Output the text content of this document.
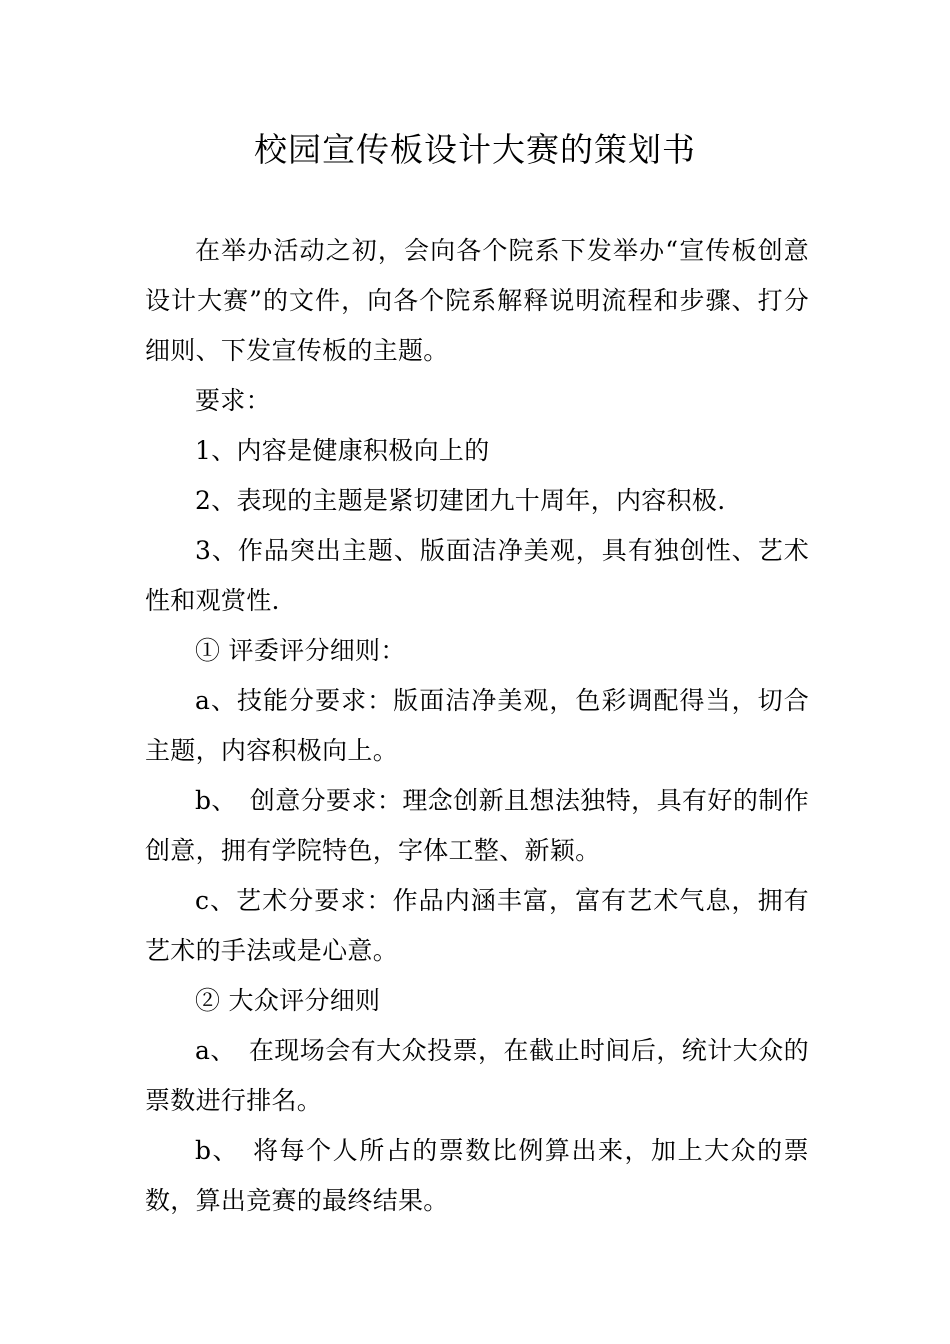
校园宣传板设计大赛的策划书

在举办活动之初，会向各个院系下发举办“宣传板创意设计大赛”的文件，向各个院系解释说明流程和步骤、打分细则、下发宣传板的主题。

要求：

1、内容是健康积极向上的

2、表现的主题是紧切建团九十周年，内容积极.

3、作品突出主题、版面洁净美观，具有独创性、艺术性和观赏性.

① 评委评分细则：

a、技能分要求：版面洁净美观，色彩调配得当，切合主题，内容积极向上。

b、　创意分要求：理念创新且想法独特，具有好的制作创意，拥有学院特色，字体工整、新颖。

c、艺术分要求：作品内涵丰富，富有艺术气息，拥有艺术的手法或是心意。

② 大众评分细则

a、　在现场会有大众投票，在截止时间后，统计大众的票数进行排名。

b、　将每个人所占的票数比例算出来，加上大众的票数，算出竞赛的最终结果。
